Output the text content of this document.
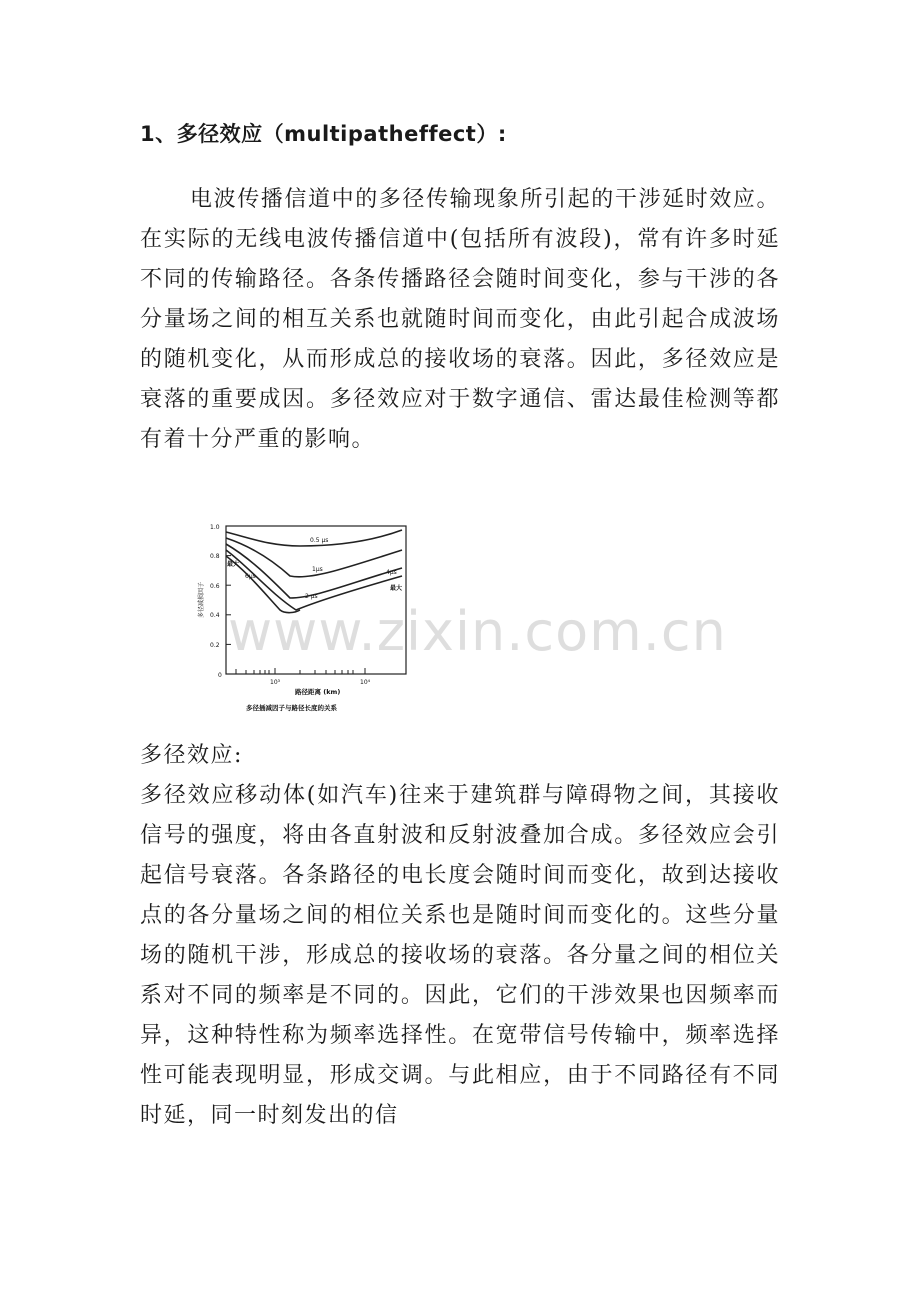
1、多径效应（multipatheffect）:

电波传播信道中的多径传输现象所引起的干涉延时效应。在实际的无线电波传播信道中(包括所有波段)，常有许多时延不同的传输路径。各条传播路径会随时间变化，参与干涉的各分量场之间的相互关系也就随时间而变化，由此引起合成波场的随机变化，从而形成总的接收场的衰落。因此，多径效应是衰落的重要成因。多径效应对于数字通信、雷达最佳检测等都有着十分严重的影响。

1.0
0.8
0.6
0.4
0.2
0
10³	10⁴
0.5 μs
1μs
2 μs
4μs
最大
最大
6μs
多径减损因子
路径距离 (km)
多径插减因子与路径长度的关系
www.zixin.com.cn

多径效应:

多径效应移动体(如汽车)往来于建筑群与障碍物之间，其接收信号的强度，将由各直射波和反射波叠加合成。多径效应会引起信号衰落。各条路径的电长度会随时间而变化，故到达接收点的各分量场之间的相位关系也是随时间而变化的。这些分量场的随机干涉，形成总的接收场的衰落。各分量之间的相位关系对不同的频率是不同的。因此，它们的干涉效果也因频率而异，这种特性称为频率选择性。在宽带信号传输中，频率选择性可能表现明显，形成交调。与此相应，由于不同路径有不同时延，同一时刻发出的信
